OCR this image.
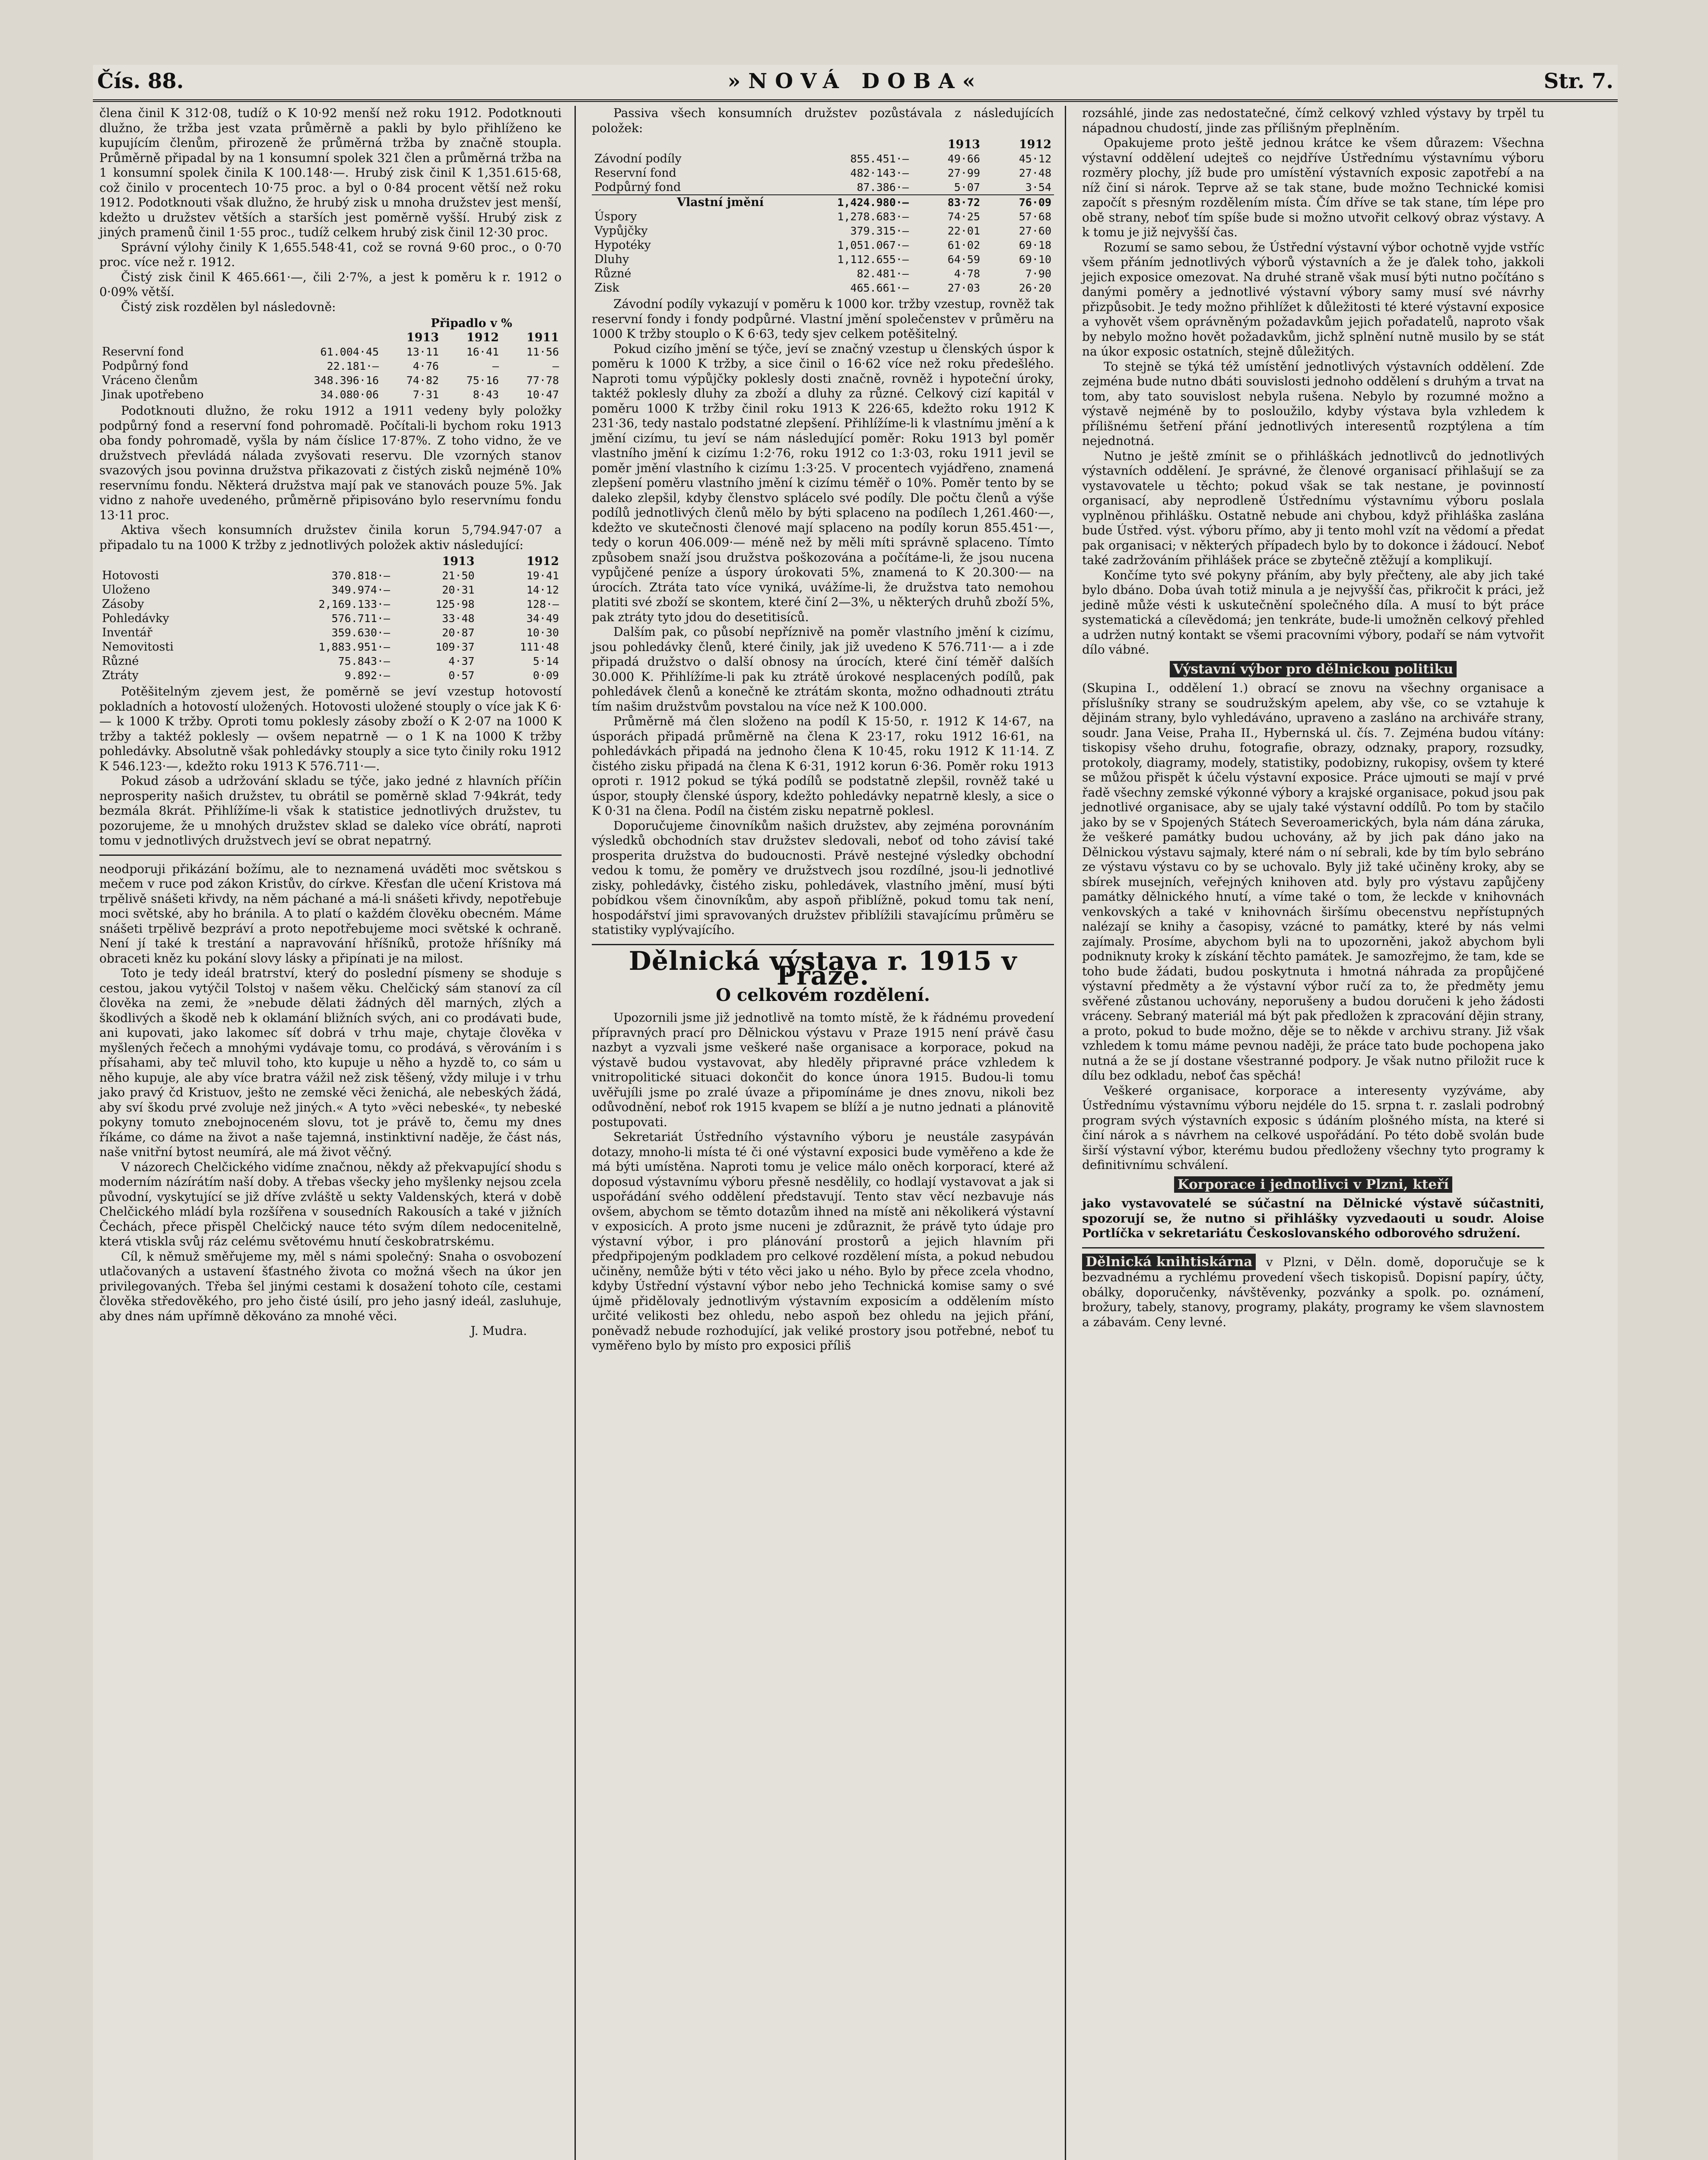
Čís. 88.	»NOVÁ DOBA«	Str. 7.

člena činil K 312·08, tudíž o K 10·92 menší než roku 1912. Podotknouti dlužno, že tržba jest vzata průměrně a pakli by bylo přihlíženo ke kupujícím členům, přirozeně že průměrná tržba by značně stoupla. Průměrně připadal by na 1 konsumní spolek 321 člen a průměrná tržba na 1 konsumní spolek činila K 100.148·—. Hrubý zisk činil K 1,351.615·68, což činilo v procentech 10·75 proc. a byl o 0·84 procent větší než roku 1912. Podotknouti však dlužno, že hrubý zisk u mnoha družstev jest menší, kdežto u družstev větších a starších jest poměrně vyšší. Hrubý zisk z jiných pramenů činil 1·55 proc., tudíž celkem hrubý zisk činil 12·30 proc.

Správní výlohy činily K 1,655.548·41, což se rovná 9·60 proc., o 0·70 proc. více než r. 1912.

Čistý zisk činil K 465.661·—, čili 2·7%, a jest k poměru k r. 1912 o 0·09% větší.

Čistý zisk rozdělen byl následovně:

		Připadlo v %		
		1913	1912	1911
Reservní fond	61.004·45	13·11	16·41	11·56
Podpůrný fond	22.181·—	4·76	—	—
Vráceno členům	348.396·16	74·82	75·16	77·78
Jinak upotřebeno	34.080·06	7·31	8·43	10·47

Podotknouti dlužno, že roku 1912 a 1911 vedeny byly položky podpůrný fond a reservní fond pohromadě. Počítali-li bychom roku 1913 oba fondy pohromadě, vyšla by nám číslice 17·87%. Z toho vidno, že ve družstvech převládá nálada zvyšovati reservu. Dle vzorných stanov svazových jsou povinna družstva přikazovati z čistých zisků nejméně 10% reservnímu fondu. Některá družstva mají pak ve stanovách pouze 5%. Jak vidno z nahoře uvedeného, průměrně připisováno bylo reservnímu fondu 13·11 proc.

Aktiva všech konsumních družstev činila korun 5,794.947·07 a připadalo tu na 1000 K tržby z jednotlivých položek aktiv následující:

		1913	1912
Hotovosti	370.818·—	21·50	19·41
Uloženo	349.974·—	20·31	14·12
Zásoby	2,169.133·—	125·98	128·—
Pohledávky	576.711·—	33·48	34·49
Inventář	359.630·—	20·87	10·30
Nemovitosti	1,883.951·—	109·37	111·48
Různé	75.843·—	4·37	5·14
Ztráty	9.892·—	0·57	0·09

Potěšitelným zjevem jest, že poměrně se jeví vzestup hotovostí pokladních a hotovostí uložených. Hotovosti uložené stouply o více jak K 6·— k 1000 K tržby. Oproti tomu poklesly zásoby zboží o K 2·07 na 1000 K tržby a taktéž poklesly — ovšem nepatrně — o 1 K na 1000 K tržby pohledávky. Absolutně však pohledávky stouply a sice tyto činily roku 1912 K 546.123·—, kdežto roku 1913 K 576.711·—.

Pokud zásob a udržování skladu se týče, jako jedné z hlavních příčin neprosperity našich družstev, tu obrátil se poměrně sklad 7·94krát, tedy bezmála 8krát. Přihlížíme-li však k statistice jednotlivých družstev, tu pozorujeme, že u mnohých družstev sklad se daleko více obrátí, naproti tomu v jednotlivých družstvech jeví se obrat nepatrný.

neodporuji přikázání božímu, ale to neznamená uváděti moc světskou s mečem v ruce pod zákon Kristův, do církve. Křesťan dle učení Kristova má trpělivě snášeti křivdy, na něm páchané a má-li snášeti křivdy, nepotřebuje moci světské, aby ho bránila. A to platí o každém člověku obecném. Máme snášeti trpělivě bezpráví a proto nepotřebujeme moci světské k ochraně. Není jí také k trestání a napravování hříšníků, protože hříšníky má obraceti kněz ku pokání slovy lásky a připínati je na milost.

Toto je tedy ideál bratrství, který do poslední písmeny se shoduje s cestou, jakou vytýčil Tolstoj v našem věku. Chelčický sám stanoví za cíl člověka na zemi, že »nebude dělati žádných děl marných, zlých a škodlivých a škodě neb k oklamání bližních svých, ani co prodávati bude, ani kupovati, jako lakomec síť dobrá v trhu maje, chytaje člověka v myšlených řečech a mnohými vydávaje tomu, co prodává, s věrováním i s přísahami, aby teč mluvil toho, kto kupuje u něho a hyzdě to, co sám u něho kupuje, ale aby více bratra vážil než zisk těšený, vždy miluje i v trhu jako pravý čd Kristuov, ješto ne zemské věci ženichá, ale nebeských žádá, aby sví škodu prvé zvoluje než jiných.« A tyto »věci nebeské«, ty nebeské pokyny tomuto znebojnoceném slovu, tot je právě to, čemu my dnes říkáme, co dáme na život a naše tajemná, instinktivní naděje, že část nás, naše vnitřní bytost neumírá, ale má život věčný.

V názorech Chelčického vidíme značnou, někdy až překvapující shodu s moderním názírátím naší doby. A třebas všecky jeho myšlenky nejsou zcela původní, vyskytující se již dříve zvláště u sekty Valdenských, která v době Chelčického mládí byla rozšířena v sousedních Rakousích a také v jižních Čechách, přece přispěl Chelčický nauce této svým dílem nedocenitelně, která vtiskla svůj ráz celému světovému hnutí českobratrskému.

Cíl, k němuž směřujeme my, měl s námi společný: Snaha o osvobození utlačovaných a ustavení šťastného života co možná všech na úkor jen privilegovaných. Třeba šel jinými cestami k dosažení tohoto cíle, cestami člověka středověkého, pro jeho čisté úsilí, pro jeho jasný ideál, zasluhuje, aby dnes nám upřímně děkováno za mnohé věci.

J. Mudra.

Passiva všech konsumních družstev pozůstávala z následujících položek:

		1913	1912
Závodní podíly	855.451·—	49·66	45·12
Reservní fond	482·143·—	27·99	27·48
Podpůrný fond	87.386·—	5·07	3·54
Vlastní jmění	1,424.980·—	83·72	76·09
Úspory	1,278.683·—	74·25	57·68
Vypůjčky	379.315·—	22·01	27·60
Hypotéky	1,051.067·—	61·02	69·18
Dluhy	1,112.655·—	64·59	69·10
Různé	82.481·—	4·78	7·90
Zisk	465.661·—	27·03	26·20

Závodní podíly vykazují v poměru k 1000 kor. tržby vzestup, rovněž tak reservní fondy i fondy podpůrné. Vlastní jmění společenstev v průměru na 1000 K tržby stouplo o K 6·63, tedy sjev celkem potěšitelný.

Pokud cizího jmění se týče, jeví se značný vzestup u členských úspor k poměru k 1000 K tržby, a sice činil o 16·62 více než roku předešlého. Naproti tomu výpůjčky poklesly dosti značně, rovněž i hypoteční úroky, taktéž poklesly dluhy za zboží a dluhy za různé. Celkový cizí kapitál v poměru 1000 K tržby činil roku 1913 K 226·65, kdežto roku 1912 K 231·36, tedy nastalo podstatné zlepšení. Přihlížíme-li k vlastnímu jmění a k jmění cizímu, tu jeví se nám následující poměr: Roku 1913 byl poměr vlastního jmění k cizímu 1:2·76, roku 1912 co 1:3·03, roku 1911 jevil se poměr jmění vlastního k cizímu 1:3·25. V procentech vyjádřeno, znamená zlepšení poměru vlastního jmění k cizímu téměř o 10%. Poměr tento by se daleko zlepšil, kdyby členstvo splácelo své podíly. Dle počtu členů a výše podílů jednotlivých členů mělo by býti splaceno na podílech 1,261.460·—, kdežto ve skutečnosti členové mají splaceno na podíly korun 855.451·—, tedy o korun 406.009·— méně než by měli míti správně splaceno. Tímto způsobem snaží jsou družstva poškozována a počítáme-li, že jsou nucena vypůjčené peníze a úspory úrokovati 5%, znamená to K 20.300·— na úrocích. Ztráta tato více vyniká, uvážíme-li, že družstva tato nemohou platiti své zboží se skontem, které činí 2—3%, u některých druhů zboží 5%, pak ztráty tyto jdou do desetitisíců.

Dalším pak, co působí nepříznivě na poměr vlastního jmění k cizímu, jsou pohledávky členů, které činily, jak již uvedeno K 576.711·— a i zde připadá družstvo o další obnosy na úrocích, které činí téměř dalších 30.000 K. Přihlížíme-li pak ku ztrátě úrokové nesplacených podílů, pak pohledávek členů a konečně ke ztrátám skonta, možno odhadnouti ztrátu tím našim družstvům povstalou na více než K 100.000.

Průměrně má člen složeno na podíl K 15·50, r. 1912 K 14·67, na úsporách připadá průměrně na člena K 23·17, roku 1912 16·61, na pohledávkách připadá na jednoho člena K 10·45, roku 1912 K 11·14. Z čistého zisku připadá na člena K 6·31, 1912 korun 6·36. Poměr roku 1913 oproti r. 1912 pokud se týká podílů se podstatně zlepšil, rovněž také u úspor, stoupły členské úspory, kdežto pohledávky nepatrně klesly, a sice o K 0·31 na člena. Podíl na čistém zisku nepatrně poklesl.

Doporučujeme činovníkům našich družstev, aby zejména porovnáním výsledků obchodních stav družstev sledovali, neboť od toho závisí také prosperita družstva do budoucnosti. Právě nestejné výsledky obchodní vedou k tomu, že poměry ve družstvech jsou rozdílné, jsou-li jednotlivé zisky, pohledávky, čistého zisku, pohledávek, vlastního jmění, musí býti pobídkou všem činovníkům, aby aspoň přiblížně, pokud tomu tak není, hospodářství jimi spravovaných družstev přiblížili stavajícímu průměru se statistiky vyplývajícího.

Dělnická výstava r. 1915 v Praze.
O celkovém rozdělení.

Upozornili jsme již jednotlivě na tomto místě, že k řádnému provedení přípravných prací pro Dělnickou výstavu v Praze 1915 není právě času nazbyt a vyzvali jsme veškeré naše organisace a korporace, pokud na výstavě budou vystavovat, aby hleděly připravné práce vzhledem k vnitropolitické situaci dokončit do konce února 1915. Budou-li tomu uvěřujíli jsme po zralé úvaze a připomínáme je dnes znovu, nikoli bez odůvodnění, neboť rok 1915 kvapem se blíží a je nutno jednati a plánovitě postupovati.

Sekretariát Ústředního výstavního výboru je neustále zasypáván dotazy, mnoho-li místa té či oné výstavní exposici bude vyměřeno a kde že má býti umístěna. Naproti tomu je velice málo oněch korporací, které až doposud výstavnímu výboru přesně nesdělily, co hodlají vystavovat a jak si uspořádání svého oddělení představují. Tento stav věcí nezbavuje nás ovšem, abychom se těmto dotazům ihned na místě ani několikerá výstavní v exposicích. A proto jsme nuceni je zdůraznit, že právě tyto údaje pro výstavní výbor, i pro plánování prostorů a jejich hlavním při předpřipojeným podkladem pro celkové rozdělení místa, a pokud nebudou učiněny, nemůže býti v této věci jako u ného. Bylo by přece zcela vhodno, kdyby Ústřední výstavní výbor nebo jeho Technická komise samy o své újmě přidělovaly jednotlivým výstavním exposicím a oddělením místo určité velikosti bez ohledu, nebo aspoň bez ohledu na jejich přání, poněvadž nebude rozhodující, jak veliké prostory jsou potřebné, neboť tu vyměřeno bylo by místo pro exposici příliš

rozsáhlé, jinde zas nedostatečné, čímž celkový vzhled výstavy by trpěl tu nápadnou chudostí, jinde zas přílišným přeplněním.

Opakujeme proto ještě jednou krátce ke všem důrazem: Všechna výstavní oddělení udejteš co nejdříve Ústřednímu výstavnímu výboru rozměry plochy, jíž bude pro umístění výstavních exposic zapotřebí a na níž činí si nárok. Teprve až se tak stane, bude možno Technické komisi započít s přesným rozdělením místa. Čím dříve se tak stane, tím lépe pro obě strany, neboť tím spíše bude si možno utvořit celkový obraz výstavy. A k tomu je již nejvyšší čas.

Rozumí se samo sebou, že Ústřední výstavní výbor ochotně vyjde vstříc všem přáním jednotlivých výborů výstavních a že je ďalek toho, jakkoli jejich exposice omezovat. Na druhé straně však musí býti nutno počítáno s danými poměry a jednotlivé výstavní výbory samy musí své návrhy přizpůsobit. Je tedy možno přihlížet k důležitosti té které výstavní exposice a vyhovět všem oprávněným požadavkům jejich pořadatelů, naproto však by nebylo možno hovět požadavkům, jichž splnění nutně musilo by se stát na úkor exposic ostatních, stejně důležitých.

To stejně se týká též umístění jednotlivých výstavních oddělení. Zde zejména bude nutno dbáti souvislosti jednoho oddělení s druhým a trvat na tom, aby tato souvislost nebyla rušena. Nebylo by rozumné možno a výstavě nejméně by to posloužilo, kdyby výstava byla vzhledem k přílišnému šetření přání jednotlivých interesentů rozptýlena a tím nejednotná.

Nutno je ještě zmínit se o přihláškách jednotlivců do jednotlivých výstavních oddělení. Je správné, že členové organisací přihlašují se za vystavovatele u těchto; pokud však se tak nestane, je povinností organisací, aby neprodleně Ústřednímu výstavnímu výboru poslala vyplněnou přihlášku. Ostatně nebude ani chybou, když přihláška zaslána bude Ústřed. výst. výboru přímo, aby ji tento mohl vzít na vědomí a předat pak organisaci; v některých případech bylo by to dokonce i žádoucí. Neboť také zadržováním přihlášek práce se zbytečně ztěžují a komplikují.

Končíme tyto své pokyny přáním, aby byly přečteny, ale aby jich také bylo dbáno. Doba úvah totiž minula a je nejvyšší čas, přikročit k práci, jež jedině může vésti k uskutečnění společného díla. A musí to být práce systematická a cílevědomá; jen tenkráte, bude-li umožněn celkový přehled a udržen nutný kontakt se všemi pracovními výbory, podaří se nám vytvořit dílo vábné.

Výstavní výbor pro dělnickou politiku

(Skupina I., oddělení 1.) obrací se znovu na všechny organisace a příslušníky strany se soudružským apelem, aby vše, co se vztahuje k dějinám strany, bylo vyhledáváno, upraveno a zasláno na archiváře strany, soudr. Jana Veise, Praha II., Hybernská ul. čís. 7. Zejména budou vítány: tiskopisy všeho druhu, fotografie, obrazy, odznaky, prapory, rozsudky, protokoly, diagramy, modely, statistiky, podobizny, rukopisy, ovšem ty které se můžou přispět k účelu výstavní exposice. Práce ujmouti se mají v prvé řadě všechny zemské výkonné výbory a krajské organisace, pokud jsou pak jednotlivé organisace, aby se ujaly také výstavní oddílů. Po tom by stačilo jako by se v Spojených Státech Severoamerických, byla nám dána záruka, že veškeré památky budou uchovány, až by jich pak dáno jako na Dělnickou výstavu sajmaly, které nám o ní sebrali, kde by tím bylo sebráno ze výstavu výstavu co by se uchovalo. Byly již také učiněny kroky, aby se sbírek musejních, veřejných knihoven atd. byly pro výstavu zapůjčeny památky dělnického hnutí, a víme také o tom, že leckde v knihovnách venkovských a také v knihovnách širšímu obecenstvu nepřístupných nalézají se knihy a časopisy, vzácné to památky, které by nás velmi zajímaly. Prosíme, abychom byli na to upozorněni, jakož abychom byli podniknuty kroky k získání těchto památek. Je samozřejmo, že tam, kde se toho bude žádati, budou poskytnuta i hmotná náhrada za propůjčené výstavní předměty a že výstavní výbor ručí za to, že předměty jemu svěřené zůstanou uchovány, neporušeny a budou doručeni k jeho žádosti vráceny. Sebraný materiál má být pak předložen k zpracování dějin strany, a proto, pokud to bude možno, děje se to někde v archivu strany. Již však vzhledem k tomu máme pevnou naději, že práce tato bude pochopena jako nutná a že se jí dostane všestranné podpory. Je však nutno přiložit ruce k dílu bez odkladu, neboť čas spěchá!

Veškeré organisace, korporace a interesenty vyzýváme, aby Ústřednímu výstavnímu výboru nejdéle do 15. srpna t. r. zaslali podrobný program svých výstavních exposic s údáním plošného místa, na které si činí nárok a s návrhem na celkové uspořádání. Po této době svolán bude širší výstavní výbor, kterému budou předloženy všechny tyto programy k definitivnímu schválení.

Korporace i jednotlivci v Plzni, kteří

jako vystavovatelé se súčastní na Dělnické výstavě súčastniti, spozorují se, že nutno si přihlášky vyzvedaouti u soudr. Aloise Portlíčka v sekretariátu Českoslovanského odborového sdružení.

Dělnická knihtiskárna v Plzni, v Děln. domě, doporučuje se k bezvadnému a rychlému provedení všech tiskopisů. Dopisní papíry, účty, obálky, doporučenky, návštěvenky, pozvánky a spolk. po. oznámení, brožury, tabely, stanovy, programy, plakáty, programy ke všem slavnostem a zábavám. Ceny levné.
